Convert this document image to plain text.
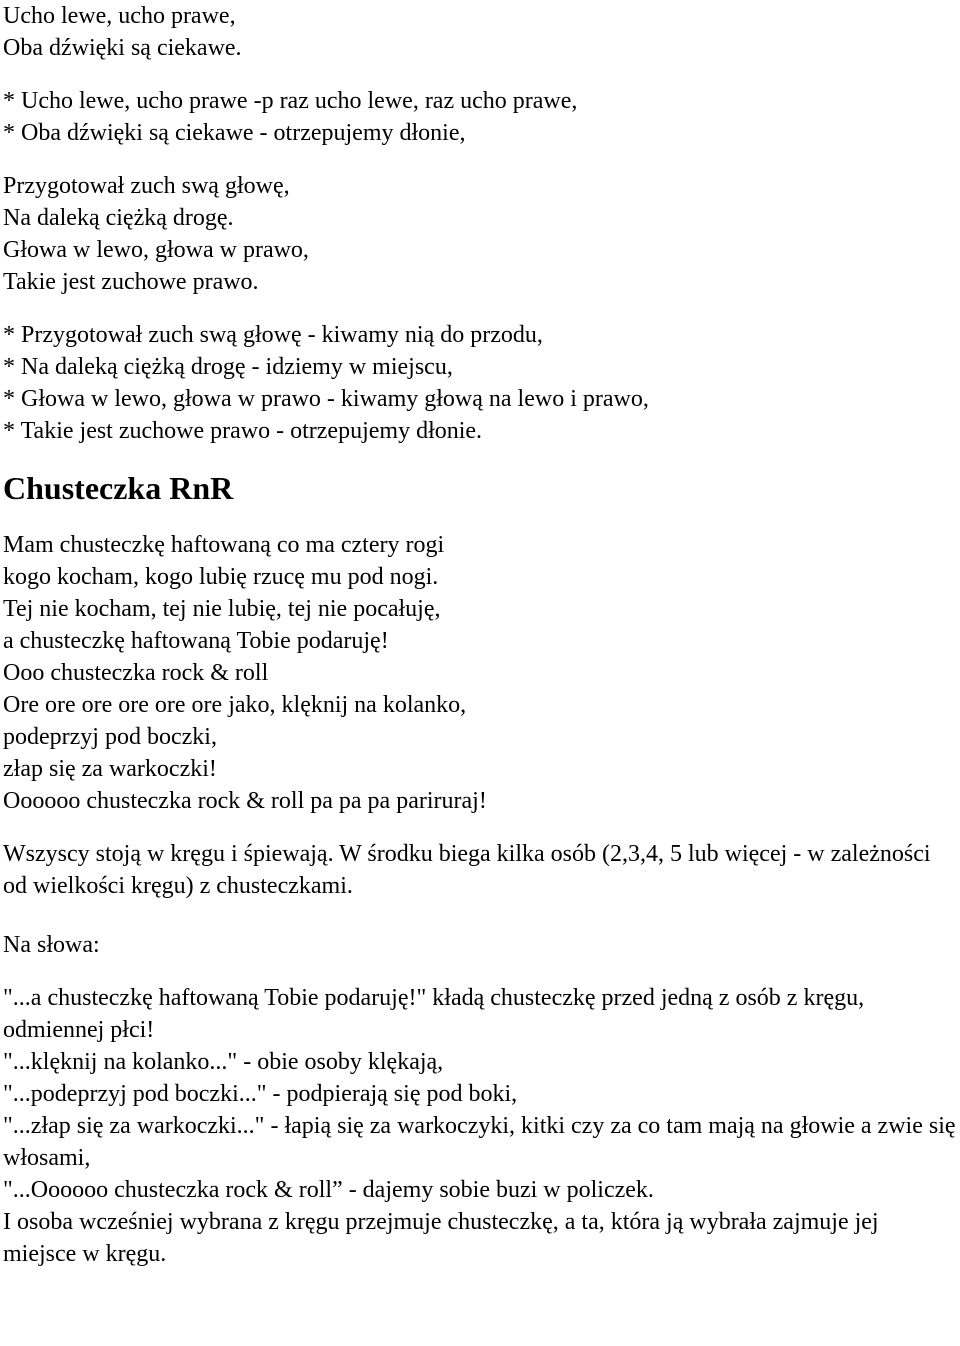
Ucho lewe, ucho prawe,

Oba dźwięki są ciekawe.

* Ucho lewe, ucho prawe -p raz ucho lewe, raz ucho prawe,

* Oba dźwięki są ciekawe - otrzepujemy dłonie,

Przygotował zuch swą głowę,

Na daleką ciężką drogę.

Głowa w lewo, głowa w prawo,

Takie jest zuchowe prawo.

* Przygotował zuch swą głowę - kiwamy nią do przodu,

* Na daleką ciężką drogę - idziemy w miejscu,

* Głowa w lewo, głowa w prawo - kiwamy głową na lewo i prawo,

* Takie jest zuchowe prawo - otrzepujemy dłonie.

Chusteczka RnR

Mam chusteczkę haftowaną co ma cztery rogi

kogo kocham, kogo lubię rzucę mu pod nogi.

Tej nie kocham, tej nie lubię, tej nie pocałuję,

a chusteczkę haftowaną Tobie podaruję!

Ooo chusteczka rock & roll

Ore ore ore ore ore ore jako, klęknij na kolanko,

podeprzyj pod boczki,

złap się za warkoczki!

Oooooo chusteczka rock & roll pa pa pa pariruraj!

Wszyscy stoją w kręgu i śpiewają. W środku biega kilka osób (2,3,4, 5 lub więcej - w zależności od wielkości kręgu) z chusteczkami.

Na słowa:

"...a chusteczkę haftowaną Tobie podaruję!" kładą chusteczkę przed jedną z osób z kręgu, odmiennej płci!

"...klęknij na kolanko..." - obie osoby klękają,

"...podeprzyj pod boczki..." - podpierają się pod boki,

"...złap się za warkoczki..." - łapią się za warkoczyki, kitki czy za co tam mają na głowie a zwie się włosami,

"...Oooooo chusteczka rock & roll” - dajemy sobie buzi w policzek.

I osoba wcześniej wybrana z kręgu przejmuje chusteczkę, a ta, która ją wybrała zajmuje jej miejsce w kręgu.
